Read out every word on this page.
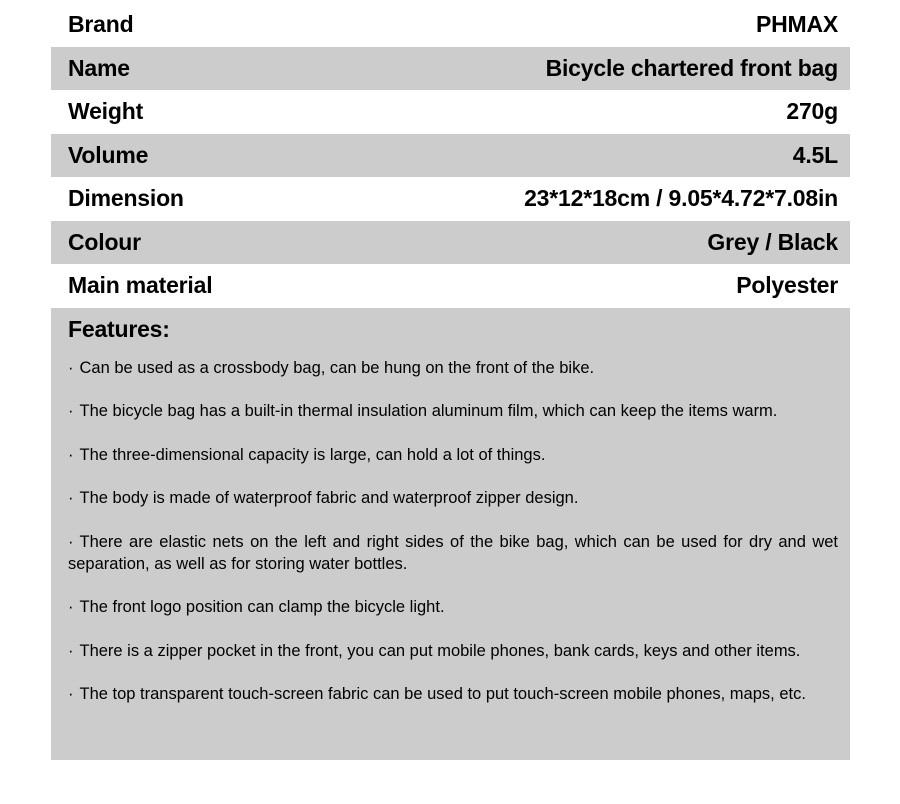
Brand	PHMAX
Name	Bicycle chartered front bag
Weight	270g
Volume	4.5L
Dimension	23*12*18cm / 9.05*4.72*7.08in
Colour	Grey / Black
Main material	Polyester
Features:
· Can be used as a crossbody bag, can be hung on the front of the bike.
· The bicycle bag has a built-in thermal insulation aluminum film, which can keep the items warm.
· The three-dimensional capacity is large, can hold a lot of things.
· The body is made of waterproof fabric and waterproof zipper design.
· There are elastic nets on the left and right sides of the bike bag, which can be used for dry and wet separation, as well as for storing water bottles.
· The front logo position can clamp the bicycle light.
· There is a zipper pocket in the front, you can put mobile phones, bank cards, keys and other items.
· The top transparent touch-screen fabric can be used to put touch-screen mobile phones, maps, etc.
